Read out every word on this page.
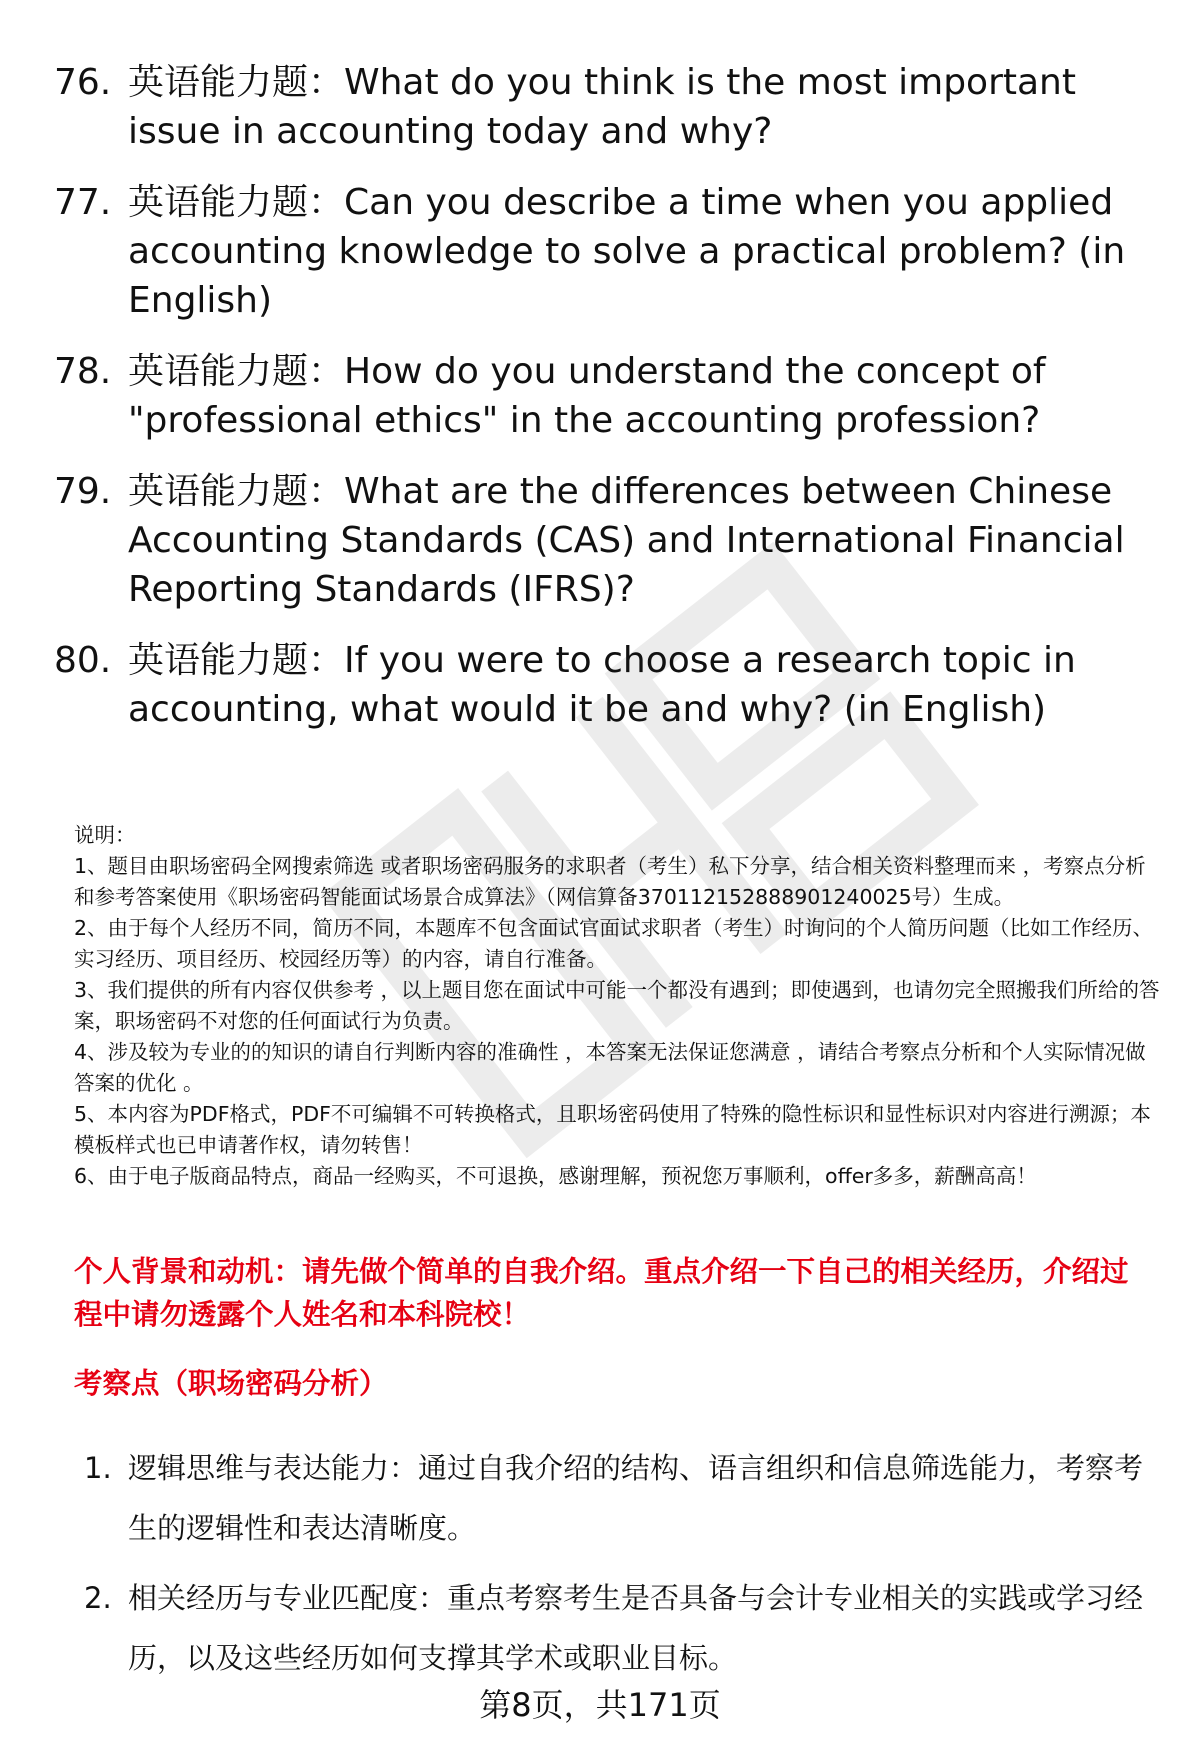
76. 英语能力题：What do you think is the most important issue in accounting today and why?
77. 英语能力题：Can you describe a time when you applied accounting knowledge to solve a practical problem? (in English)
78. 英语能力题：How do you understand the concept of "professional ethics" in the accounting profession?
79. 英语能力题：What are the differences between Chinese Accounting Standards (CAS) and International Financial Reporting Standards (IFRS)?
80. 英语能力题：If you were to choose a research topic in accounting, what would it be and why? (in English)

说明：

1、题目由职场密码全网搜索筛选 或者职场密码服务的求职者（考生）私下分享，结合相关资料整理而来 ，考察点分析和参考答案使用《职场密码智能面试场景合成算法》（网信算备370112152888901240025号）生成。

2、由于每个人经历不同，简历不同，本题库不包含面试官面试求职者（考生）时询问的个人简历问题（比如工作经历、实习经历、项目经历、校园经历等）的内容，请自行准备。

3、我们提供的所有内容仅供参考 ，以上题目您在面试中可能一个都没有遇到；即使遇到，也请勿完全照搬我们所给的答案，职场密码不对您的任何面试行为负责。

4、涉及较为专业的的知识的请自行判断内容的准确性 ，本答案无法保证您满意 ，请结合考察点分析和个人实际情况做答案的优化 。

5、本内容为PDF格式，PDF不可编辑不可转换格式，且职场密码使用了特殊的隐性标识和显性标识对内容进行溯源；本模板样式也已申请著作权，请勿转售！

6、由于电子版商品特点，商品一经购买，不可退换，感谢理解，预祝您万事顺利，offer多多，薪酬高高！

个人背景和动机：请先做个简单的自我介绍。重点介绍一下自己的相关经历，介绍过程中请勿透露个人姓名和本科院校！
考察点（职场密码分析）
1. 逻辑思维与表达能力：通过自我介绍的结构、语言组织和信息筛选能力，考察考生的逻辑性和表达清晰度。
2. 相关经历与专业匹配度：重点考察考生是否具备与会计专业相关的实践或学习经历，以及这些经历如何支撑其学术或职业目标。
第8页，共171页
